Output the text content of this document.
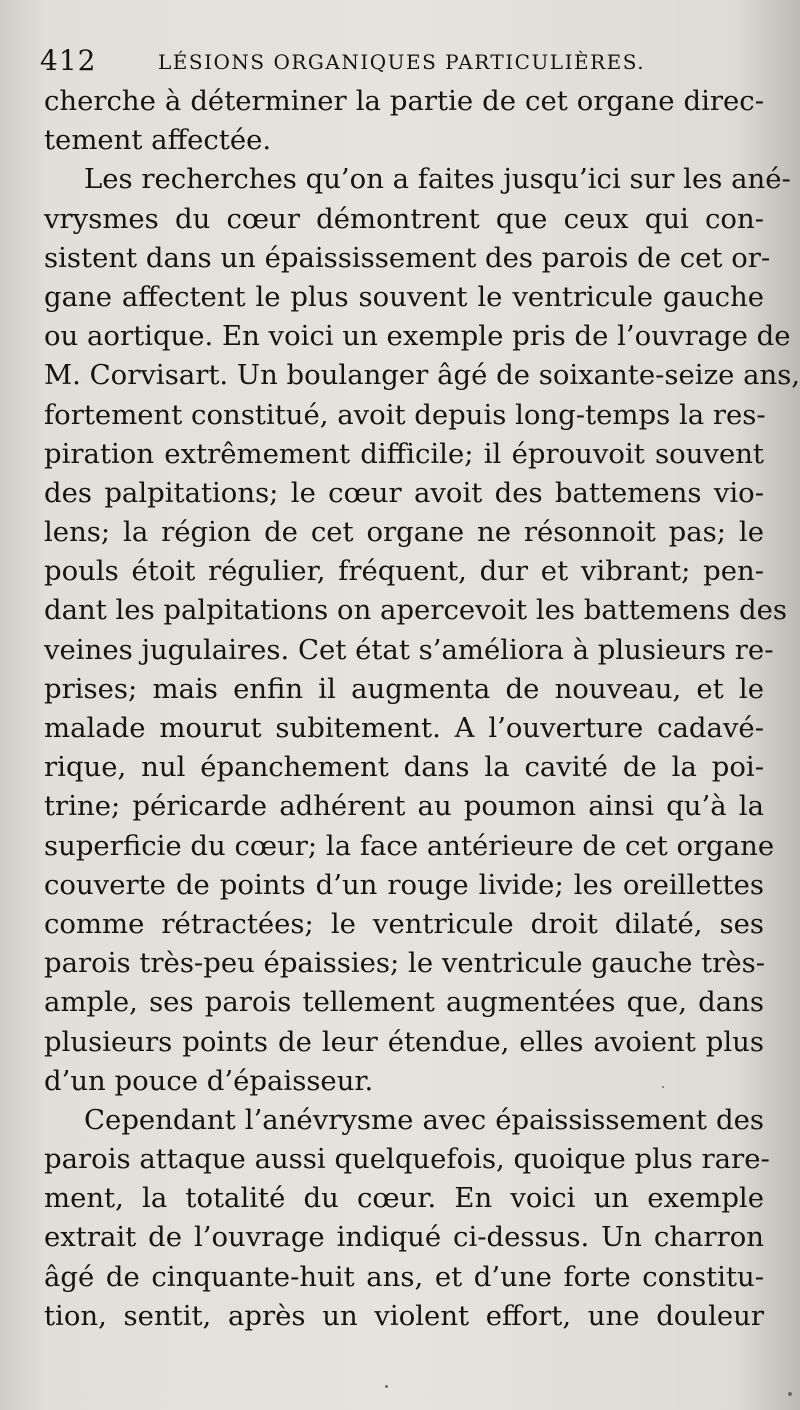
412	LÉSIONS ORGANIQUES PARTICULIÈRES.
cherche à déterminer la partie de cet organe direc-
tement affectée.
Les recherches qu’on a faites jusqu’ici sur les ané-
vrysmes du cœur démontrent que ceux qui con-
sistent dans un épaississement des parois de cet or-
gane affectent le plus souvent le ventricule gauche
ou aortique. En voici un exemple pris de l’ouvrage de
M. Corvisart. Un boulanger âgé de soixante-seize ans,
fortement constitué, avoit depuis long-temps la res-
piration extrêmement difficile; il éprouvoit souvent
des palpitations; le cœur avoit des battemens vio-
lens; la région de cet organe ne résonnoit pas; le
pouls étoit régulier, fréquent, dur et vibrant; pen-
dant les palpitations on apercevoit les battemens des
veines jugulaires. Cet état s’améliora à plusieurs re-
prises; mais enfin il augmenta de nouveau, et le
malade mourut subitement. A l’ouverture cadavé-
rique, nul épanchement dans la cavité de la poi-
trine; péricarde adhérent au poumon ainsi qu’à la
superficie du cœur; la face antérieure de cet organe
couverte de points d’un rouge livide; les oreillettes
comme rétractées; le ventricule droit dilaté, ses
parois très-peu épaissies; le ventricule gauche très-
ample, ses parois tellement augmentées que, dans
plusieurs points de leur étendue, elles avoient plus
d’un pouce d’épaisseur.
Cependant l’anévrysme avec épaississement des
parois attaque aussi quelquefois, quoique plus rare-
ment, la totalité du cœur. En voici un exemple
extrait de l’ouvrage indiqué ci-dessus. Un charron
âgé de cinquante-huit ans, et d’une forte constitu-
tion, sentit, après un violent effort, une douleur
